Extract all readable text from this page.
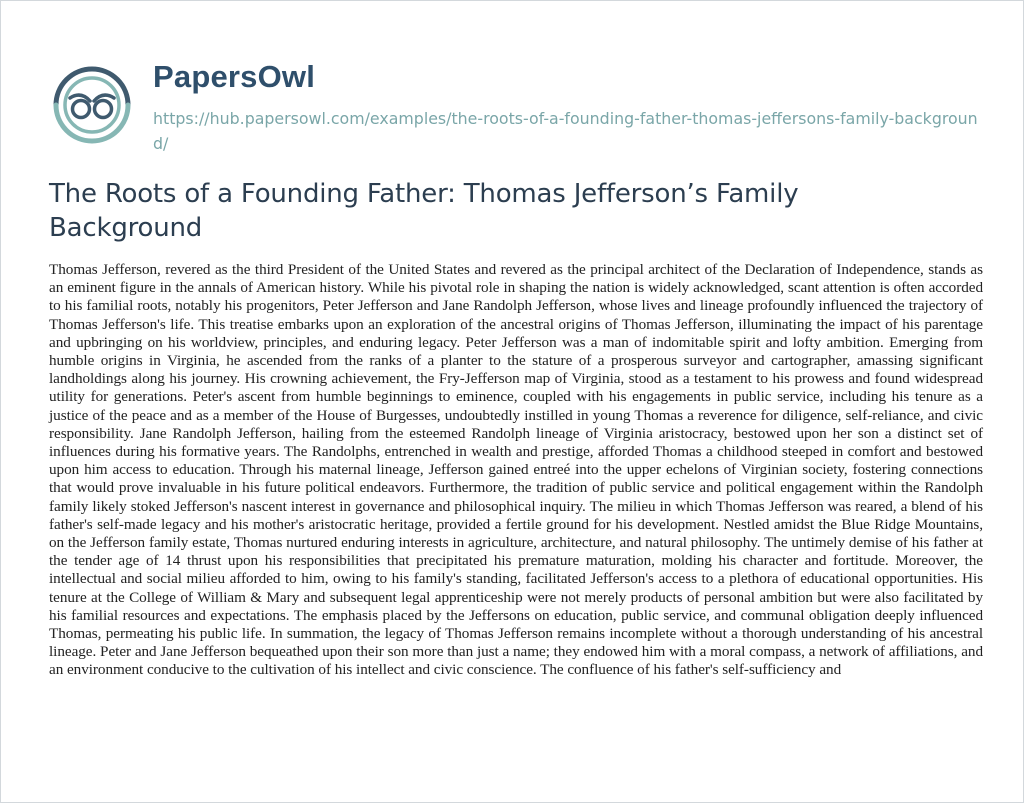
PapersOwl
https://hub.papersowl.com/examples/the-roots-of-a-founding-father-thomas-jeffersons-family-background/
The Roots of a Founding Father: Thomas Jefferson’s Family Background

Thomas Jefferson, revered as the third President of the United States and revered as the principal architect of the Declaration of Independence, stands as an eminent figure in the annals of American history. While his pivotal role in shaping the nation is widely acknowledged, scant attention is often accorded to his familial roots, notably his progenitors, Peter Jefferson and Jane Randolph Jefferson, whose lives and lineage profoundly influenced the trajectory of Thomas Jefferson's life. This treatise embarks upon an exploration of the ancestral origins of Thomas Jefferson, illuminating the impact of his parentage and upbringing on his worldview, principles, and enduring legacy. Peter Jefferson was a man of indomitable spirit and lofty ambition. Emerging from humble origins in Virginia, he ascended from the ranks of a planter to the stature of a prosperous surveyor and cartographer, amassing significant landholdings along his journey. His crowning achievement, the Fry-Jefferson map of Virginia, stood as a testament to his prowess and found widespread utility for generations. Peter's ascent from humble beginnings to eminence, coupled with his engagements in public service, including his tenure as a justice of the peace and as a member of the House of Burgesses, undoubtedly instilled in young Thomas a reverence for diligence, self-reliance, and civic responsibility. Jane Randolph Jefferson, hailing from the esteemed Randolph lineage of Virginia aristocracy, bestowed upon her son a distinct set of influences during his formative years. The Randolphs, entrenched in wealth and prestige, afforded Thomas a childhood steeped in comfort and bestowed upon him access to education. Through his maternal lineage, Jefferson gained entreé into the upper echelons of Virginian society, fostering connections that would prove invaluable in his future political endeavors. Furthermore, the tradition of public service and political engagement within the Randolph family likely stoked Jefferson's nascent interest in governance and philosophical inquiry. The milieu in which Thomas Jefferson was reared, a blend of his father's self-made legacy and his mother's aristocratic heritage, provided a fertile ground for his development. Nestled amidst the Blue Ridge Mountains, on the Jefferson family estate, Thomas nurtured enduring interests in agriculture, architecture, and natural philosophy. The untimely demise of his father at the tender age of 14 thrust upon his responsibilities that precipitated his premature maturation, molding his character and fortitude. Moreover, the intellectual and social milieu afforded to him, owing to his family's standing, facilitated Jefferson's access to a plethora of educational opportunities. His tenure at the College of William & Mary and subsequent legal apprenticeship were not merely products of personal ambition but were also facilitated by his familial resources and expectations. The emphasis placed by the Jeffersons on education, public service, and communal obligation deeply influenced Thomas, permeating his public life. In summation, the legacy of Thomas Jefferson remains incomplete without a thorough understanding of his ancestral lineage. Peter and Jane Jefferson bequeathed upon their son more than just a name; they endowed him with a moral compass, a network of affiliations, and an environment conducive to the cultivation of his intellect and civic conscience. The confluence of his father's self-sufficiency and
